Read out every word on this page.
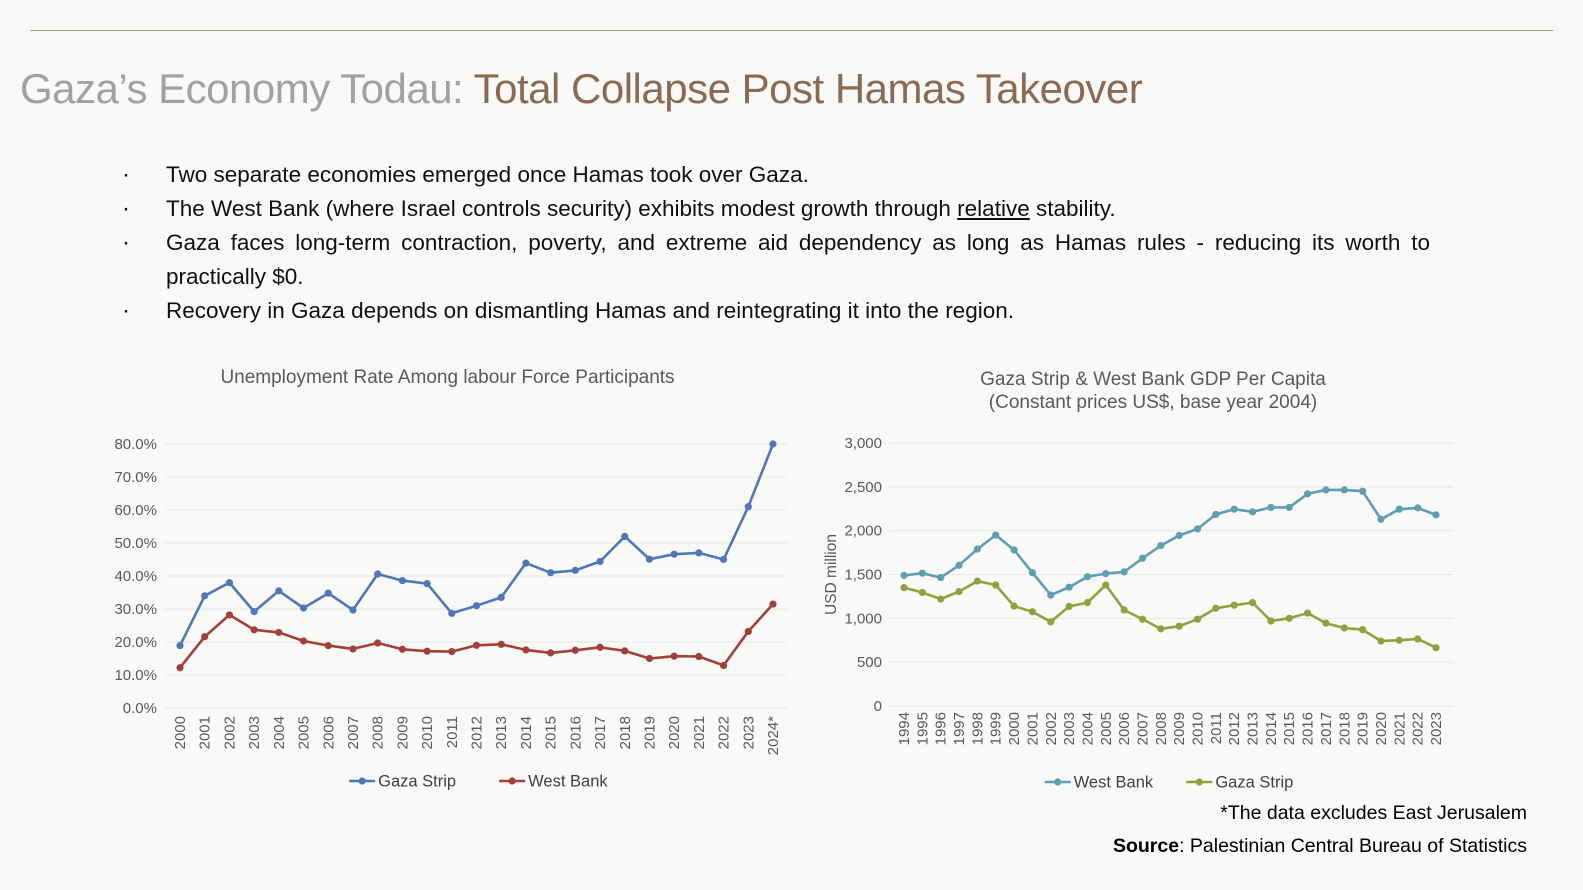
Gaza’s Economy Todau: Total Collapse Post Hamas Takeover
·	Two separate economies emerged once Hamas took over Gaza.
·	The West Bank (where Israel controls security) exhibits modest growth through relative stability.
·	Gaza faces long-term contraction, poverty, and extreme aid dependency as long as Hamas rules - reducing its worth to practically $0.
·	Recovery in Gaza depends on dismantling Hamas and reintegrating it into the region.
Unemployment Rate Among labour Force Participants
0.0%
10.0%
20.0%
30.0%
40.0%
50.0%
60.0%
70.0%
80.0%
2000 2001 2002 2003 2004 2005 2006 2007 2008 2009 2010 2011 2012 2013 2014 2015 2016 2017 2018 2019 2020 2021 2022 2023 2024*
Gaza Strip	West Bank
Gaza Strip & West Bank GDP Per Capita
(Constant prices US$, base year 2004)
0
500
1,000
1,500
2,000
2,500
3,000
USD million
1994 1995 1996 1997 1998 1999 2000 2001 2002 2003 2004 2005 2006 2007 2008 2009 2010 2011 2012 2013 2014 2015 2016 2017 2018 2019 2020 2021 2022 2023
West Bank	Gaza Strip
*The data excludes East Jerusalem
Source: Palestinian Central Bureau of Statistics
